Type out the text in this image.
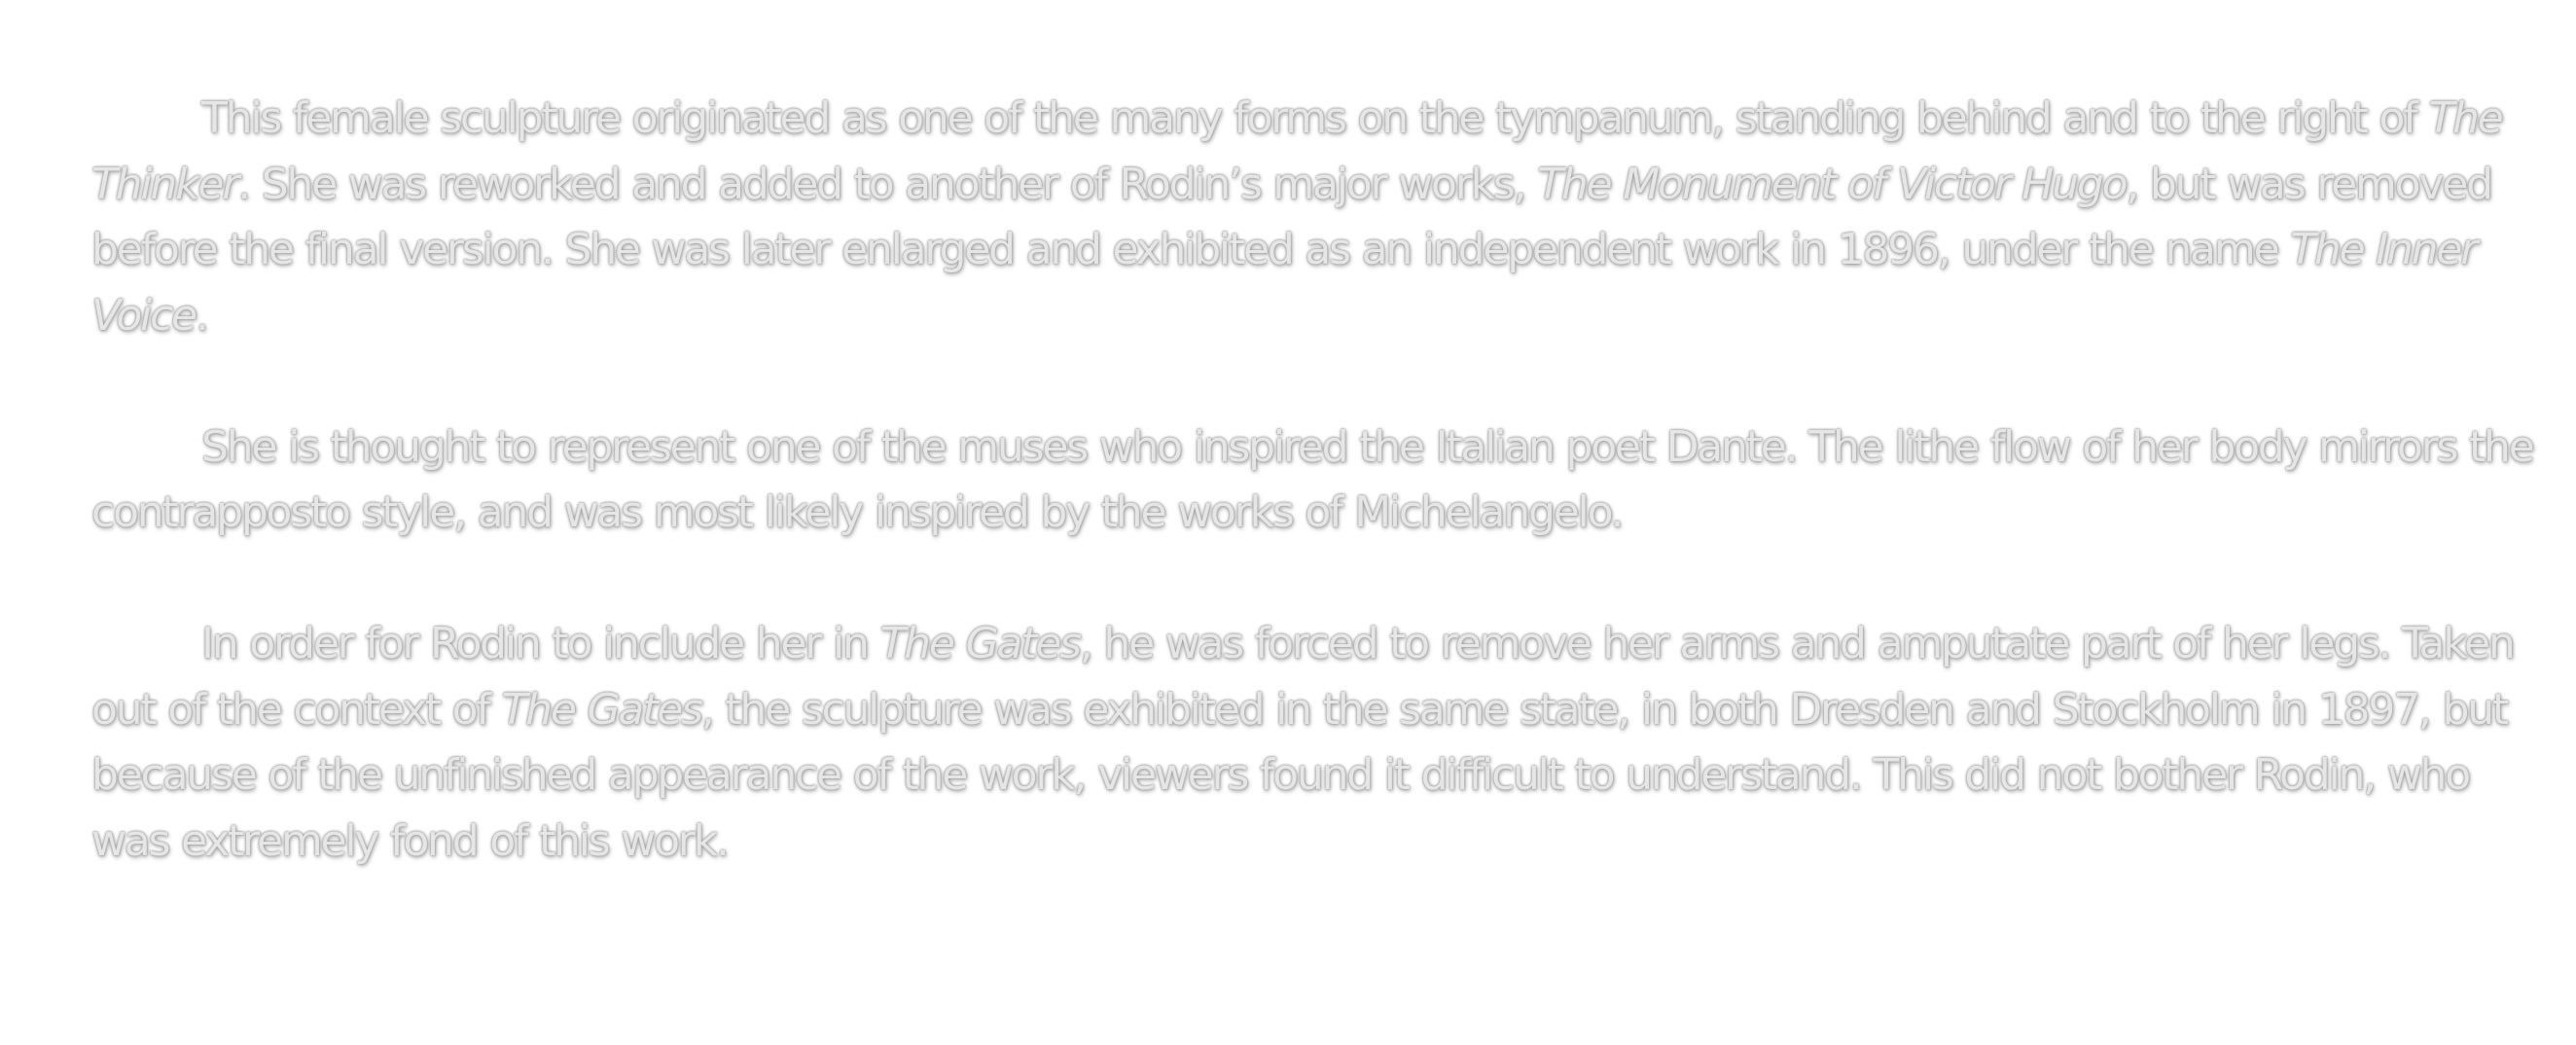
This female sculpture originated as one of the many forms on the tympanum, standing behind and to the right of The Thinker. She was reworked and added to another of Rodin’s major works, The Monument of Victor Hugo, but was removed before the final version. She was later enlarged and exhibited as an independent work in 1896, under the name The Inner Voice.

She is thought to represent one of the muses who inspired the Italian poet Dante. The lithe flow of her body mirrors the contrapposto style, and was most likely inspired by the works of Michelangelo.

In order for Rodin to include her in The Gates, he was forced to remove her arms and amputate part of her legs. Taken out of the context of The Gates, the sculpture was exhibited in the same state, in both Dresden and Stockholm in 1897, but because of the unfinished appearance of the work, viewers found it difficult to understand. This did not bother Rodin, who was extremely fond of this work.
